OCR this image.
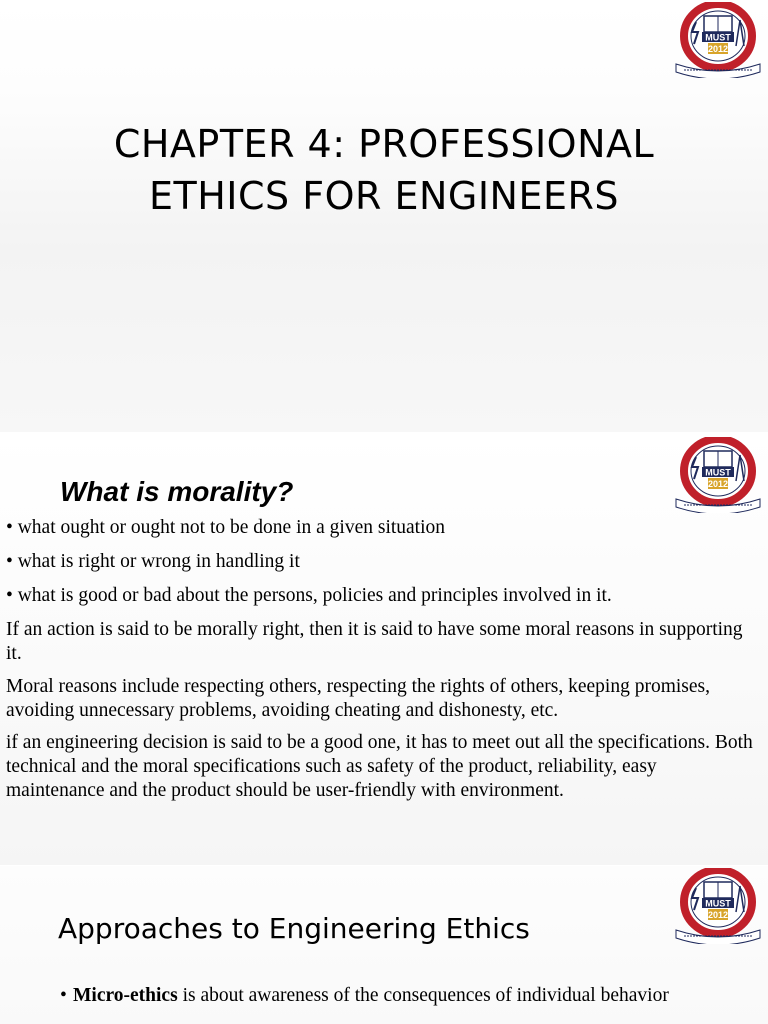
MUST
2012
CHAPTER 4: PROFESSIONAL ETHICS FOR ENGINEERS
MUST
2012
What is morality?
• what ought or ought not to be done in a given situation
• what is right or wrong in handling it
• what is good or bad about the persons, policies and principles involved in it.
If an action is said to be morally right, then it is said to have some moral reasons in supporting it.
Moral reasons include respecting others, respecting the rights of others, keeping promises, avoiding unnecessary problems, avoiding cheating and dishonesty, etc.
if an engineering decision is said to be a good one, it has to meet out all the specifications. Both technical and the moral specifications such as safety of the product, reliability, easy maintenance and the product should be user-friendly with environment.
MUST
2012
Approaches to Engineering Ethics
• Micro-ethics is about awareness of the consequences of individual behavior
